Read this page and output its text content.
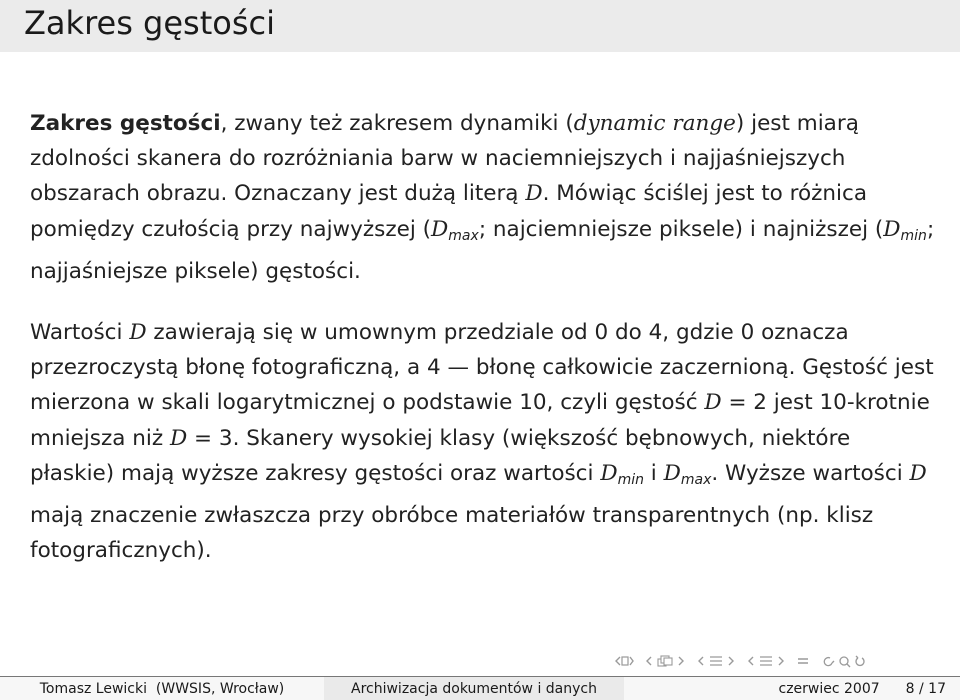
Zakres gęstości

Zakres gęstości, zwany też zakresem dynamiki (dynamic range) jest miarą zdolności skanera do rozróżniania barw w naciemniejszych i najjaśniejszych obszarach obrazu. Oznaczany jest dużą literą D. Mówiąc ściślej jest to różnica pomiędzy czułością przy najwyższej ($D_{max}$; najciemniejsze piksele) i najniższej ($D_{min}$; najjaśniejsze piksele) gęstości.

Wartości D zawierają się w umownym przedziale od 0 do 4, gdzie 0 oznacza przezroczystą błonę fotograficzną, a 4 — błonę całkowicie zaczernioną. Gęstość jest mierzona w skali logarytmicznej o podstawie 10, czyli gęstość D = 2 jest 10-krotnie mniejsza niż D = 3. Skanery wysokiej klasy (większość bębnowych, niektóre płaskie) mają wyższe zakresy gęstości oraz wartości $D_{min}$ i $D_{max}$. Wyższe wartości D mają znaczenie zwłaszcza przy obróbce materiałów transparentnych (np. klisz fotograficznych).

Tomasz Lewicki  (WWSIS, Wrocław)	Archiwizacja dokumentów i danych	czerwiec 2007 8 / 17
